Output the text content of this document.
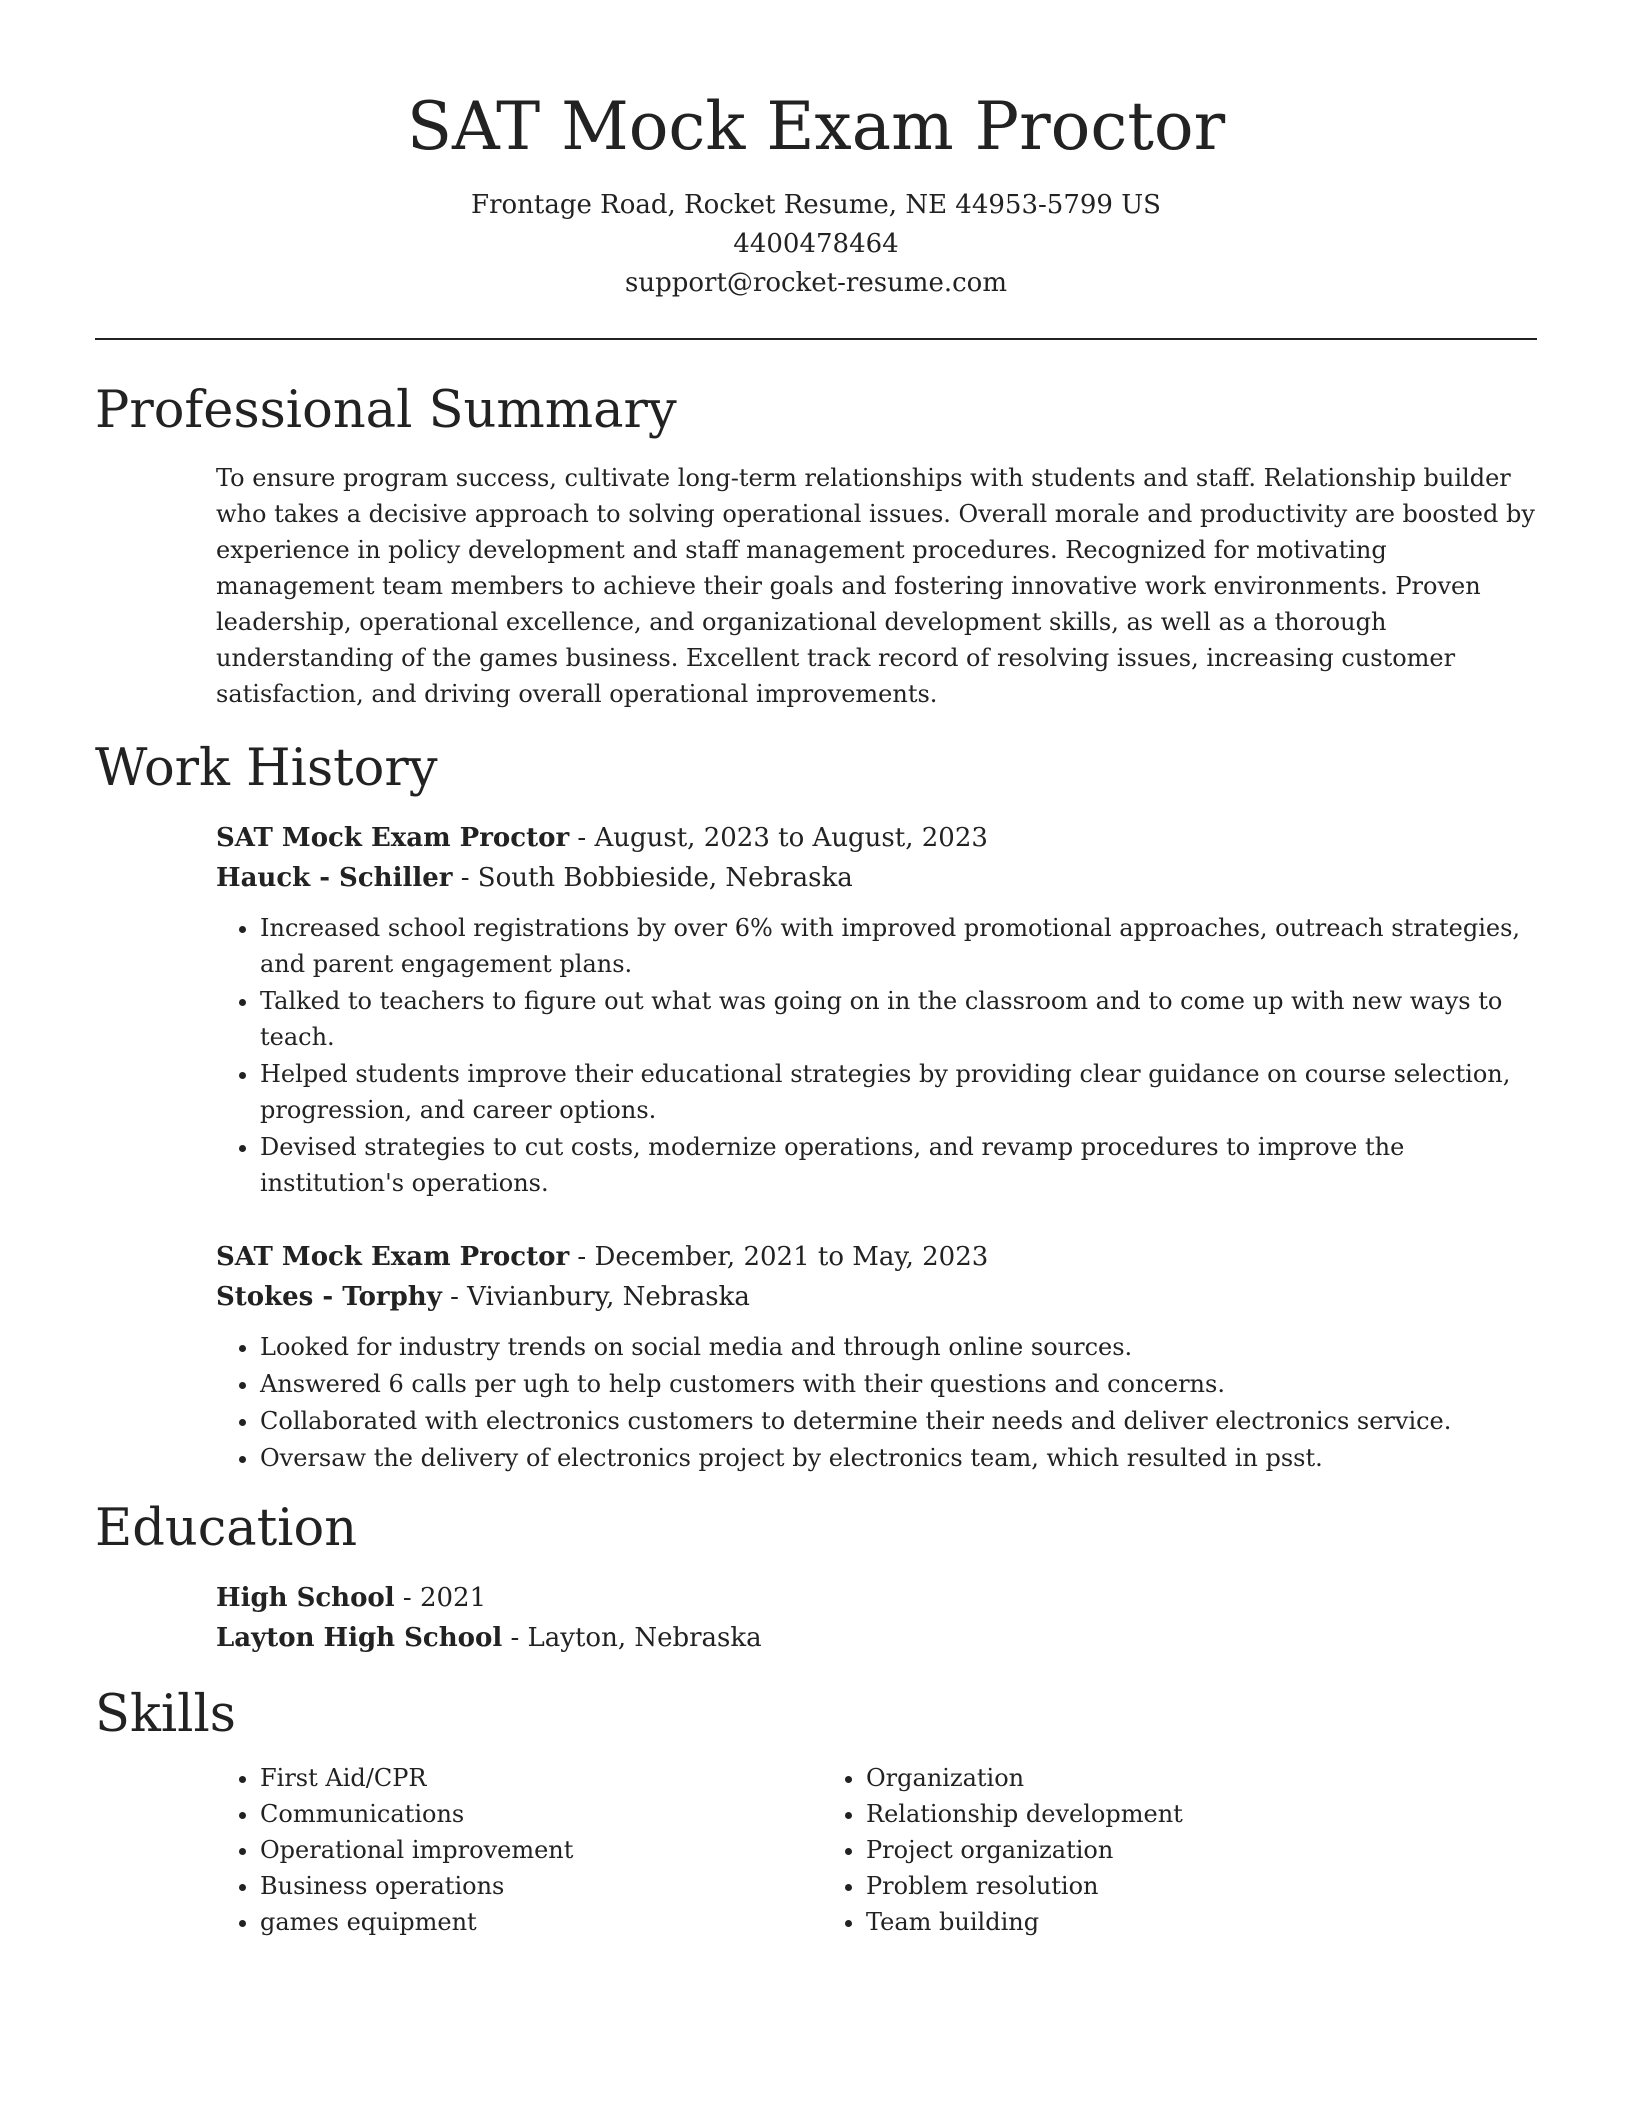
SAT Mock Exam Proctor
Frontage Road, Rocket Resume, NE 44953-5799 US
4400478464
support@rocket-resume.com
Professional Summary
To ensure program success, cultivate long-term relationships with students and staff. Relationship builder who takes a decisive approach to solving operational issues. Overall morale and productivity are boosted by experience in policy development and staff management procedures. Recognized for motivating management team members to achieve their goals and fostering innovative work environments. Proven leadership, operational excellence, and organizational development skills, as well as a thorough understanding of the games business. Excellent track record of resolving issues, increasing customer satisfaction, and driving overall operational improvements.
Work History
SAT Mock Exam Proctor - August, 2023 to August, 2023
Hauck - Schiller - South Bobbieside, Nebraska
• Increased school registrations by over 6% with improved promotional approaches, outreach strategies, and parent engagement plans.
• Talked to teachers to figure out what was going on in the classroom and to come up with new ways to teach.
• Helped students improve their educational strategies by providing clear guidance on course selection, progression, and career options.
• Devised strategies to cut costs, modernize operations, and revamp procedures to improve the institution's operations.
SAT Mock Exam Proctor - December, 2021 to May, 2023
Stokes - Torphy - Vivianbury, Nebraska
• Looked for industry trends on social media and through online sources.
• Answered 6 calls per ugh to help customers with their questions and concerns.
• Collaborated with electronics customers to determine their needs and deliver electronics service.
• Oversaw the delivery of electronics project by electronics team, which resulted in psst.
Education
High School - 2021
Layton High School - Layton, Nebraska
Skills
• First Aid/CPR
• Communications
• Operational improvement
• Business operations
• games equipment
• Organization
• Relationship development
• Project organization
• Problem resolution
• Team building
